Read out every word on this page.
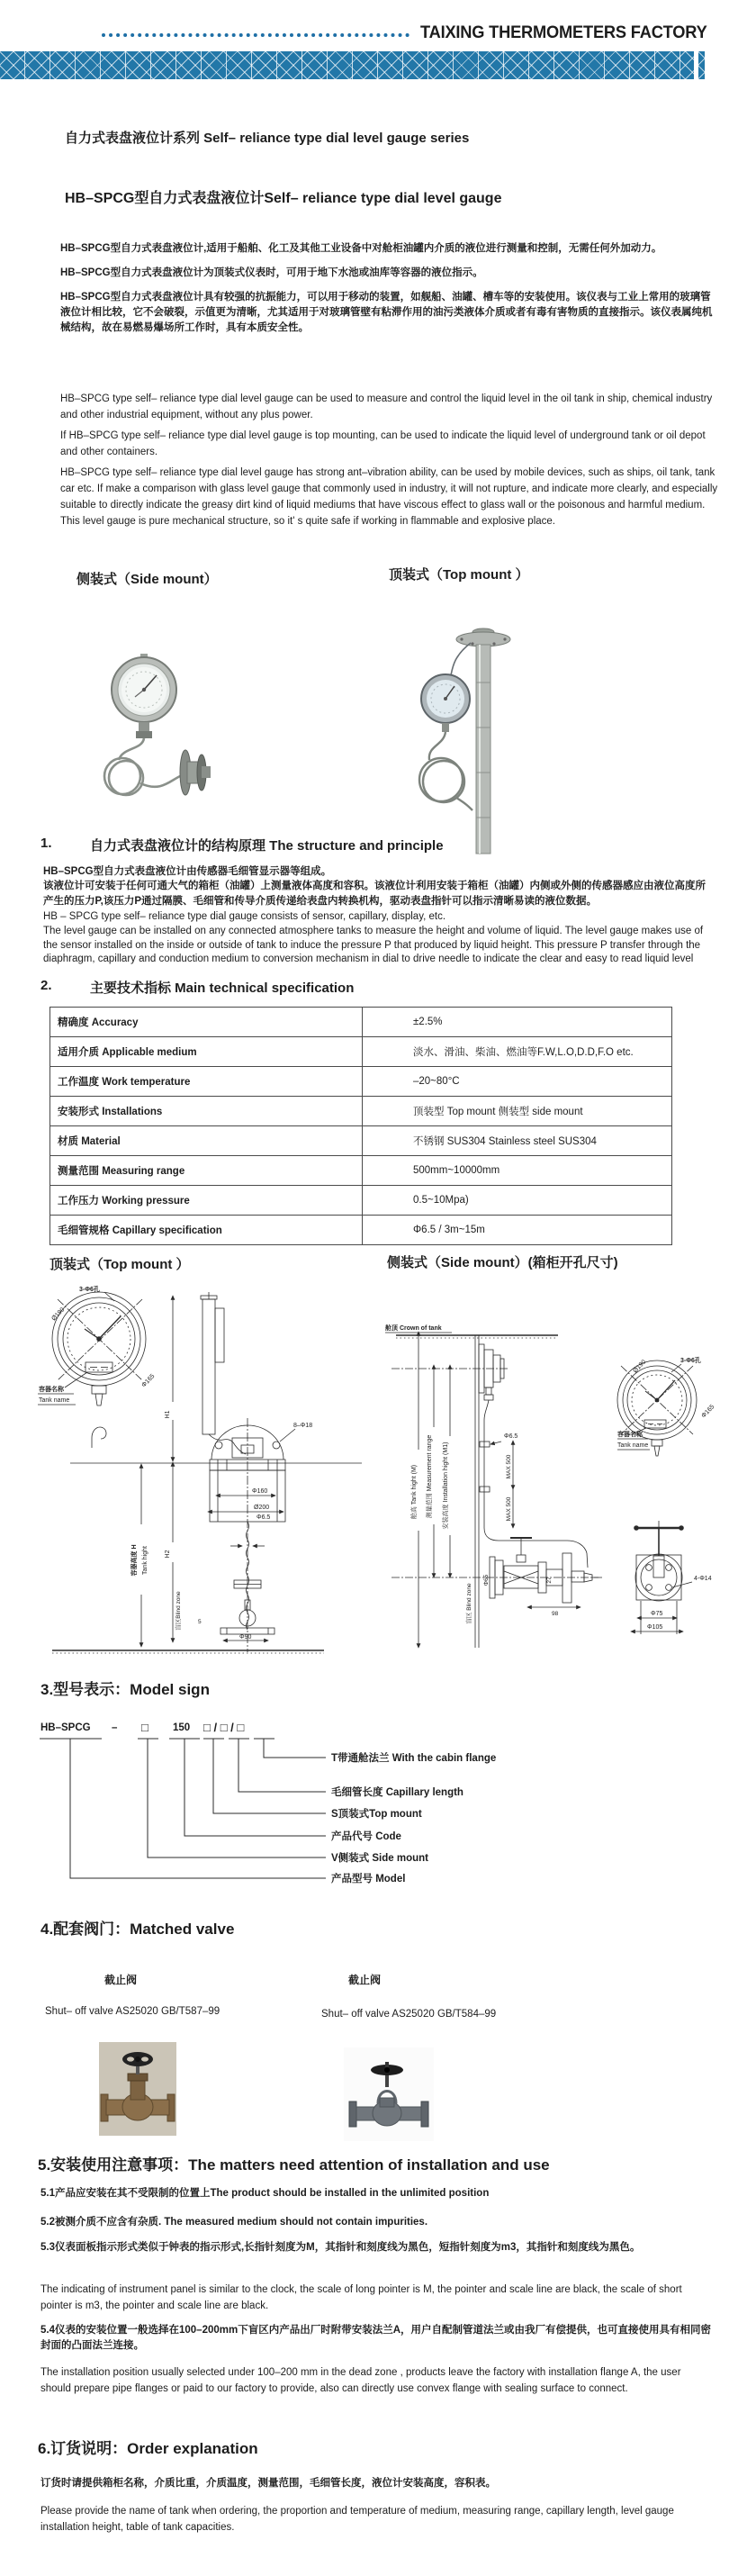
TAIXING THERMOMETERS FACTORY
自力式表盘液位计系列 Self– reliance type dial level gauge series
HB–SPCG型自力式表盘液位计Self– reliance type dial level gauge
HB–SPCG型自力式表盘液位计,适用于船舶、化工及其他工业设备中对舱柜油罐内介质的液位进行测量和控制，无需任何外加动力。
HB–SPCG型自力式表盘液位计为顶装式仪表时，可用于地下水池或油库等容器的液位指示。
HB–SPCG型自力式表盘液位计具有较强的抗振能力，可以用于移动的装置，如舰船、油罐、槽车等的安装使用。该仪表与工业上常用的玻璃管液位计相比较，它不会破裂，示值更为清晰，尤其适用于对玻璃管壁有粘滞作用的油污类液体介质或者有毒有害物质的直接指示。该仪表属纯机械结构，故在易燃易爆场所工作时，具有本质安全性。
HB–SPCG type self– reliance type dial level gauge can be used to measure and control the liquid level in the oil tank in ship, chemical industry and other industrial equipment, without any plus power.
If HB–SPCG type self– reliance type dial level gauge is top mounting, can be used to indicate the liquid level of underground tank or oil depot and other containers.
HB–SPCG type self– reliance type dial level gauge has strong ant–vibration ability, can be used by mobile devices, such as ships, oil tank, tank car etc. If make a comparison with glass level gauge that commonly used in industry, it will not rupture, and indicate more clearly, and especially suitable to directly indicate the greasy dirt kind of liquid mediums that have viscous effect to glass wall or the poisonous and harmful medium. This level gauge is pure mechanical structure, so it' s quite safe if working in flammable and explosive place.
侧装式（Side mount）	顶装式（Top mount ）
1.	自力式表盘液位计的结构原理 The structure and principle
HB–SPCG型自力式表盘液位计由传感器毛细管显示器等组成。
该液位计可安装于任何可通大气的箱柜（油罐）上测量液体高度和容积。该液位计利用安装于箱柜（油罐）内侧或外侧的传感器感应由液位高度所产生的压力P,该压力P通过隔膜、毛细管和传导介质传递给表盘内转换机构，驱动表盘指针可以指示清晰易读的液位数据。
HB – SPCG type self– reliance type dial gauge consists of sensor, capillary, display, etc.
The level gauge can be installed on any connected atmosphere tanks to measure the height and volume of liquid. The level gauge makes use of the sensor installed on the inside or outside of tank to induce the pressure P that produced by liquid height. This pressure P transfer through the diaphragm, capillary and conduction medium to conversion mechanism in dial to drive needle to indicate the clear and easy to read liquid level
2.	主要技术指标 Main technical specification
精确度 Accuracy	±2.5%
适用介质 Applicable medium	淡水、滑油、柴油、燃油等F.W,L.O,D.D,F.O etc.
工作温度 Work temperature	–20~80°C
安装形式 Installations	顶装型 Top mount 侧装型 side mount
材质 Material	不锈钢 SUS304 Stainless steel SUS304
测量范围 Measuring range	500mm~10000mm
工作压力 Working pressure	0.5~10Mpa)
毛细管规格 Capillary specification	Φ6.5 / 3m~15m
顶装式（Top mount ）	侧装式（Side mount）(箱柜开孔尺寸)
3-Φ6孔
Ø190
Φ165
容器名称
Tank name
H1
H2
容器高度 H Tank hight
8–Φ18
Φ160
Ø200
Φ6.5
盲区Blind zone	5
Φ90
舱顶 Crown of tank
舱高 Tank hight (M) 测量范围 Measurement range 安装高度 Installation hight (M1)
Φ6.5
MAX 500
MAX 500
盲区 Blind zone
Φ65	27
98
3-Φ6孔
Ø190
Φ165
容器名称
Tank name
4-Φ14
Φ75
Φ105
3.型号表示：Model sign
HB–SPCG – □ 150 □ / □ / □
T带通舱法兰 With the cabin flange
毛细管长度 Capillary length
S顶装式Top mount
产品代号 Code
V侧装式 Side mount
产品型号 Model
4.配套阀门：Matched valve
截止阀	截止阀
Shut– off valve AS25020 GB/T587–99	Shut– off valve AS25020 GB/T584–99
5.安装使用注意事项：The matters need attention of installation and use
5.1产品应安装在其不受限制的位置上The product should be installed in the unlimited position
5.2被测介质不应含有杂质. The measured medium should not contain impurities.
5.3仪表面板指示形式类似于钟表的指示形式,长指针刻度为M，其指针和刻度线为黑色，短指针刻度为m3，其指针和刻度线为黑色。
The indicating of instrument panel is similar to the clock, the scale of long pointer is M, the pointer and scale line are black, the scale of short pointer is m3, the pointer and scale line are black.
5.4仪表的安装位置一般选择在100–200mm下盲区内产品出厂时附带安装法兰A，用户自配制管道法兰或由我厂有偿提供，也可直接使用具有相同密封面的凸面法兰连接。
The installation position usually selected under 100–200 mm in the dead zone , products leave the factory with installation flange A, the user should prepare pipe flanges or paid to our factory to provide, also can directly use convex flange with sealing surface to connect.
6.订货说明：Order explanation
订货时请提供箱柜名称，介质比重，介质温度，测量范围，毛细管长度，液位计安装高度，容积表。
Please provide the name of tank when ordering, the proportion and temperature of medium, measuring range, capillary length, level gauge installation height, table of tank capacities.
